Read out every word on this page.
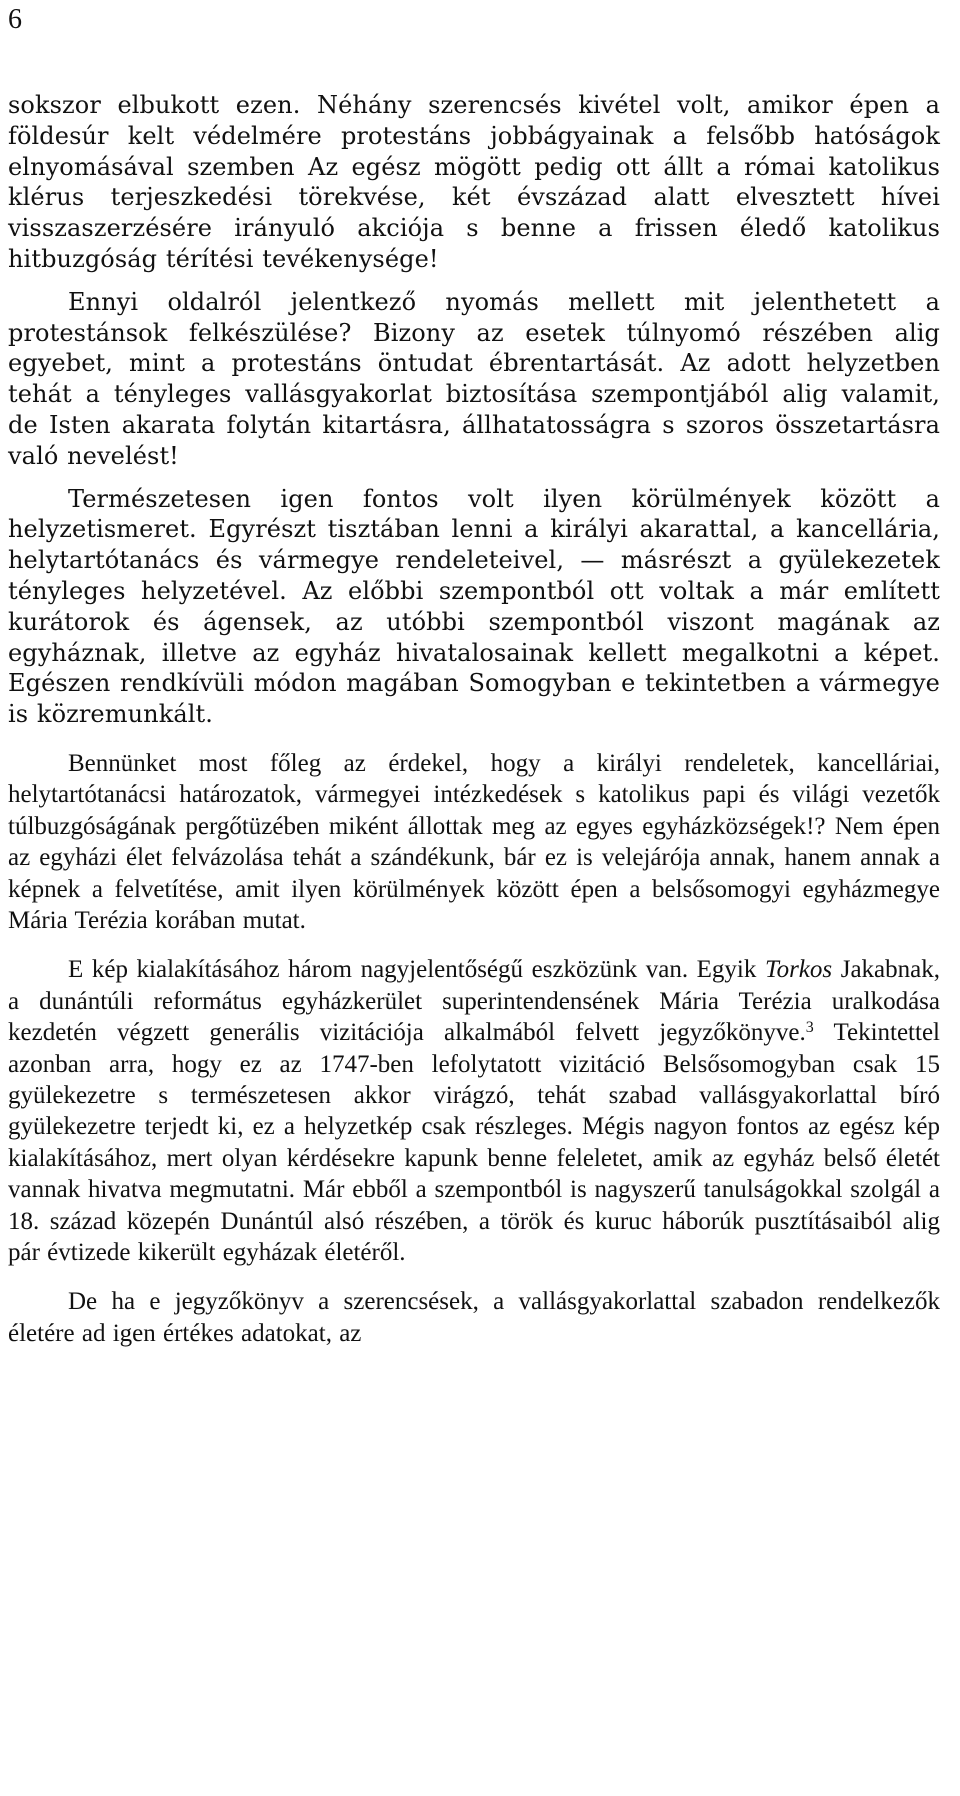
6

sokszor elbukott ezen. Néhány szerencsés kivétel volt, amikor épen a földesúr kelt védelmére protestáns jobbágyainak a felsőbb hatóságok elnyomásával szemben Az egész mögött pedig ott állt a római katolikus klérus terjeszkedési törekvése, két évszázad alatt elvesztett hívei visszaszerzésére irányuló akciója s benne a frissen éledő katolikus hitbuzgóság térítési tevékenysége!

Ennyi oldalról jelentkező nyomás mellett mit jelenthetett a protestánsok felkészülése? Bizony az esetek túlnyomó részében alig egyebet, mint a protestáns öntudat ébrentartását. Az adott helyzetben tehát a tényleges vallásgyakorlat biztosítása szempontjából alig valamit, de Isten akarata folytán kitartásra, állhatatosságra s szoros összetartásra való nevelést!

Természetesen igen fontos volt ilyen körülmények között a helyzetismeret. Egyrészt tisztában lenni a királyi akarattal, a kancellária, helytartótanács és vármegye rendeleteivel, — másrészt a gyülekezetek tényleges helyzetével. Az előbbi szempontból ott voltak a már említett kurátorok és ágensek, az utóbbi szempontból viszont magának az egyháznak, illetve az egyház hivatalosainak kellett megalkotni a képet. Egészen rendkívüli módon magában Somogyban e tekintetben a vármegye is közremunkált.

Bennünket most főleg az érdekel, hogy a királyi rendeletek, kancelláriai, helytartótanácsi határozatok, vármegyei intézkedések s katolikus papi és világi vezetők túlbuzgóságának pergőtüzében miként állottak meg az egyes egyházközségek!? Nem épen az egyházi élet felvázolása tehát a szándékunk, bár ez is velejárója annak, hanem annak a képnek a felvetítése, amit ilyen körülmények között épen a belsősomogyi egyházmegye Mária Terézia korában mutat.

E kép kialakításához három nagyjelentőségű eszközünk van. Egyik Torkos Jakabnak, a dunántúli református egyházkerület superintendensének Mária Terézia uralkodása kezdetén végzett generális vizitációja alkalmából felvett jegyzőkönyve.$^3$ Tekintettel azonban arra, hogy ez az 1747-ben lefolytatott vizitáció Belsősomogyban csak 15 gyülekezetre s természetesen akkor virágzó, tehát szabad vallásgyakorlattal bíró gyülekezetre terjedt ki, ez a helyzetkép csak részleges. Mégis nagyon fontos az egész kép kialakításához, mert olyan kérdésekre kapunk benne feleletet, amik az egyház belső életét vannak hivatva megmutatni. Már ebből a szempontból is nagyszerű tanulságokkal szolgál a 18. század közepén Dunántúl alsó részében, a török és kuruc háborúk pusztításaiból alig pár évtizede kikerült egyházak életéről.

De ha e jegyzőkönyv a szerencsések, a vallásgyakorlattal szabadon rendelkezők életére ad igen értékes adatokat, az
